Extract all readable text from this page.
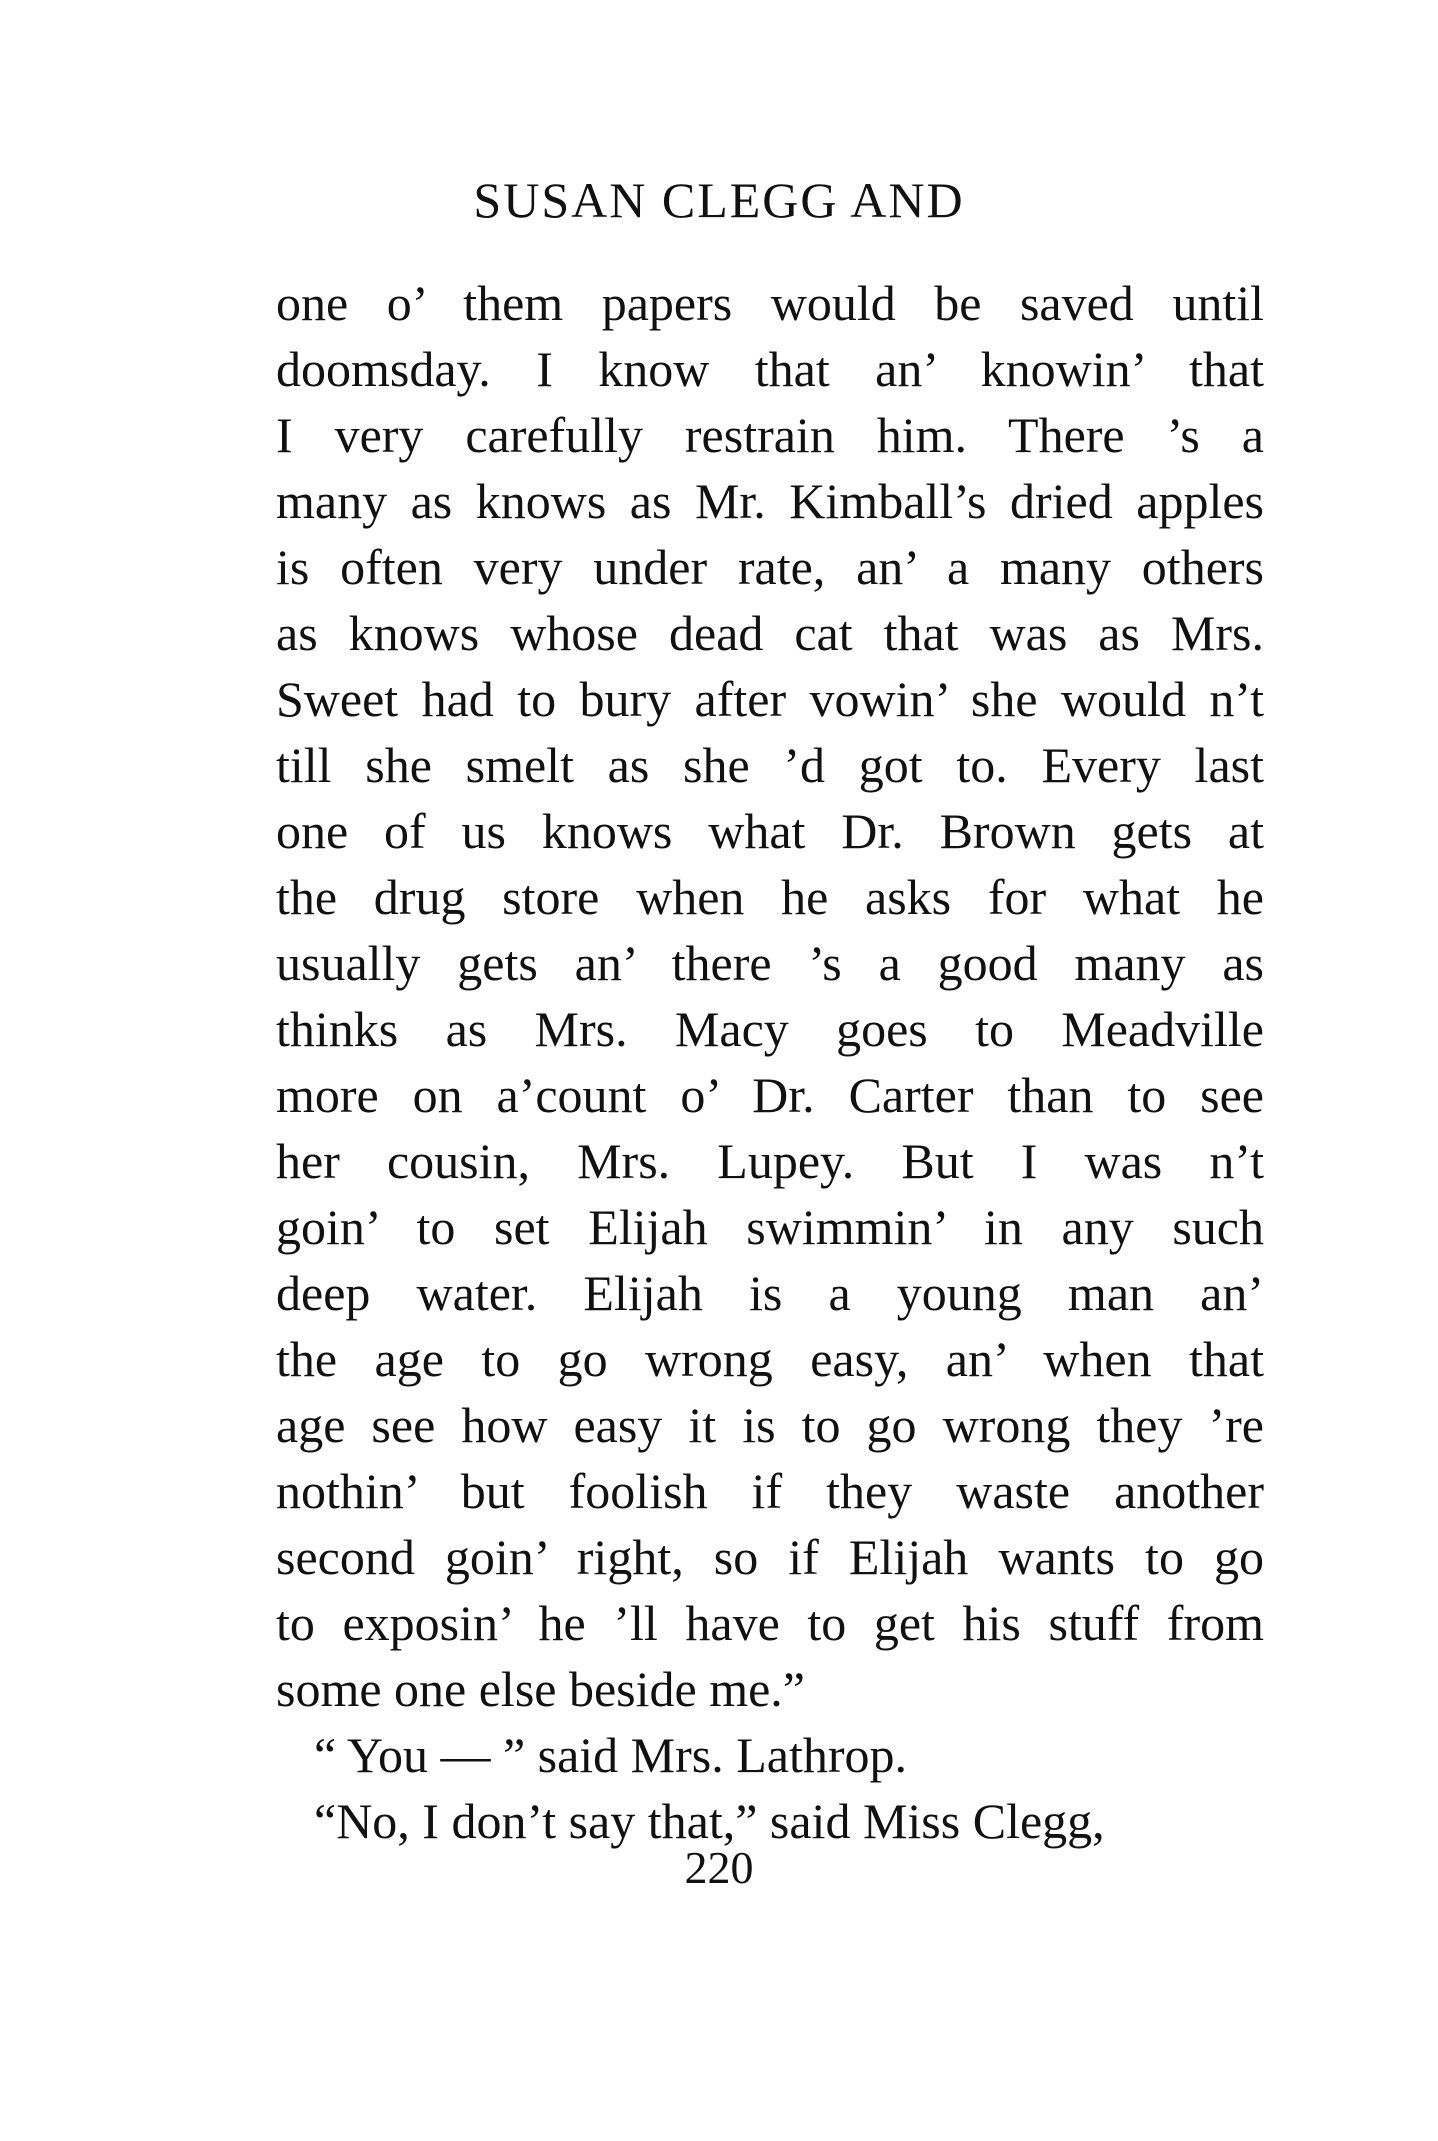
SUSAN CLEGG AND
one o’ them papers would be saved until
doomsday. I know that an’ knowin’ that
I very carefully restrain him. There ’s a
many as knows as Mr. Kimball’s dried apples
is often very under rate, an’ a many others
as knows whose dead cat that was as Mrs.
Sweet had to bury after vowin’ she would n’t
till she smelt as she ’d got to. Every last
one of us knows what Dr. Brown gets at
the drug store when he asks for what he
usually gets an’ there ’s a good many as
thinks as Mrs. Macy goes to Meadville
more on a’count o’ Dr. Carter than to see
her cousin, Mrs. Lupey. But I was n’t
goin’ to set Elijah swimmin’ in any such
deep water. Elijah is a young man an’
the age to go wrong easy, an’ when that
age see how easy it is to go wrong they ’re
nothin’ but foolish if they waste another
second goin’ right, so if Elijah wants to go
to exposin’ he ’ll have to get his stuff from
some one else beside me.”
“ You — ” said Mrs. Lathrop.
“No, I don’t say that,” said Miss Clegg,
220
